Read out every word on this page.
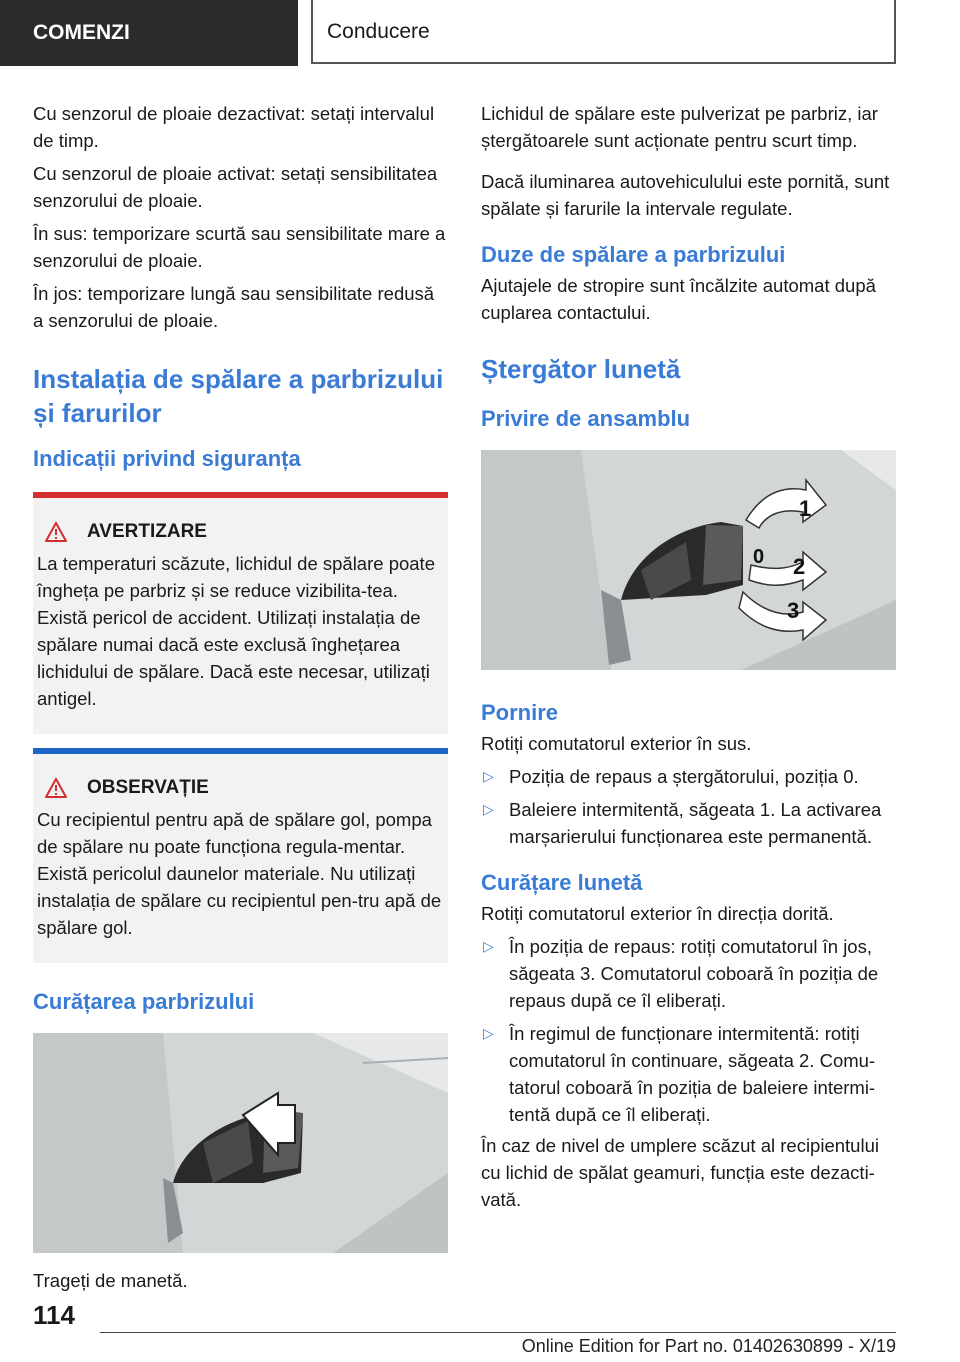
COMENZI	Conducere

Cu senzorul de ploaie dezactivat: setați intervalul de timp.

Cu senzorul de ploaie activat: setați sensibilitatea senzorului de ploaie.

În sus: temporizare scurtă sau sensibilitate mare a senzorului de ploaie.

În jos: temporizare lungă sau sensibilitate redusă a senzorului de ploaie.

Instalația de spălare a parbrizului și farurilor
Indicații privind siguranța
AVERTIZARE

La temperaturi scăzute, lichidul de spălare poate îngheța pe parbriz și se reduce vizibilita-tea. Există pericol de accident. Utilizați instalația de spălare numai dacă este exclusă înghețarea lichidului de spălare. Dacă este necesar, utilizați antigel.

OBSERVAȚIE

Cu recipientul pentru apă de spălare gol, pompa de spălare nu poate funcționa regula-mentar. Există pericolul daunelor materiale. Nu utilizați instalația de spălare cu recipientul pen-tru apă de spălare gol.

Curățarea parbrizului

Trageți de manetă.

Lichidul de spălare este pulverizat pe parbriz, iar ștergătoarele sunt acționate pentru scurt timp.

Dacă iluminarea autovehiculului este pornită, sunt spălate și farurile la intervale regulate.

Duze de spălare a parbrizului

Ajutajele de stropire sunt încălzite automat după cuplarea contactului.

Ștergător lunetă
Privire de ansamblu
1
0 2
3
Pornire

Rotiți comutatorul exterior în sus.

▷ Poziția de repaus a ștergătorului, poziția 0.
▷ Baleiere intermitentă, săgeata 1. La activarea marșarierului funcționarea este permanentă.
Curățare lunetă

Rotiți comutatorul exterior în direcția dorită.

▷ În poziția de repaus: rotiți comutatorul în jos, săgeata 3. Comutatorul coboară în poziția de repaus după ce îl eliberați.
▷ În regimul de funcționare intermitentă: rotiți comutatorul în continuare, săgeata 2. Comu-tatorul coboară în poziția de baleiere intermi-tentă după ce îl eliberați.

În caz de nivel de umplere scăzut al recipientului cu lichid de spălat geamuri, funcția este dezacti-vată.

114
Online Edition for Part no. 01402630899 - X/19
